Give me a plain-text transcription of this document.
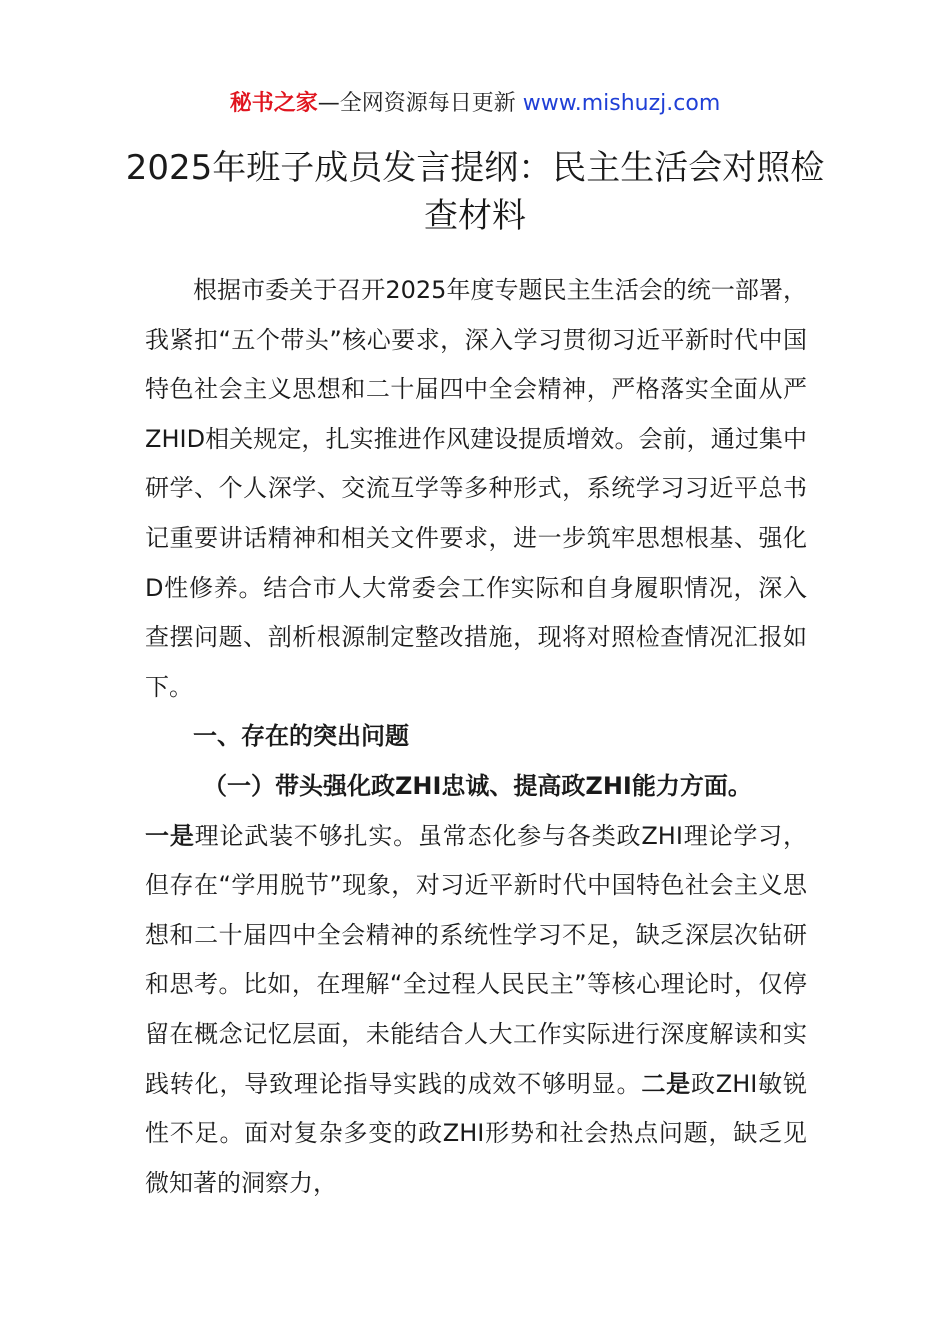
秘书之家—全网资源每日更新 www.mishuzj.com
2025年班子成员发言提纲：民主生活会对照检查材料

根据市委关于召开2025年度专题民主生活会的统一部署，我紧扣“五个带头”核心要求，深入学习贯彻习近平新时代中国特色社会主义思想和二十届四中全会精神，严格落实全面从严ZHID相关规定，扎实推进作风建设提质增效。会前，通过集中研学、个人深学、交流互学等多种形式，系统学习习近平总书记重要讲话精神和相关文件要求，进一步筑牢思想根基、强化D性修养。结合市人大常委会工作实际和自身履职情况，深入查摆问题、剖析根源制定整改措施，现将对照检查情况汇报如下。

一、存在的突出问题

（一）带头强化政ZHI忠诚、提高政ZHI能力方面。

一是理论武装不够扎实。虽常态化参与各类政ZHI理论学习，但存在“学用脱节”现象，对习近平新时代中国特色社会主义思想和二十届四中全会精神的系统性学习不足，缺乏深层次钻研和思考。比如，在理解“全过程人民民主”等核心理论时，仅停留在概念记忆层面，未能结合人大工作实际进行深度解读和实践转化，导致理论指导实践的成效不够明显。二是政ZHI敏锐性不足。面对复杂多变的政ZHI形势和社会热点问题，缺乏见微知著的洞察力，
